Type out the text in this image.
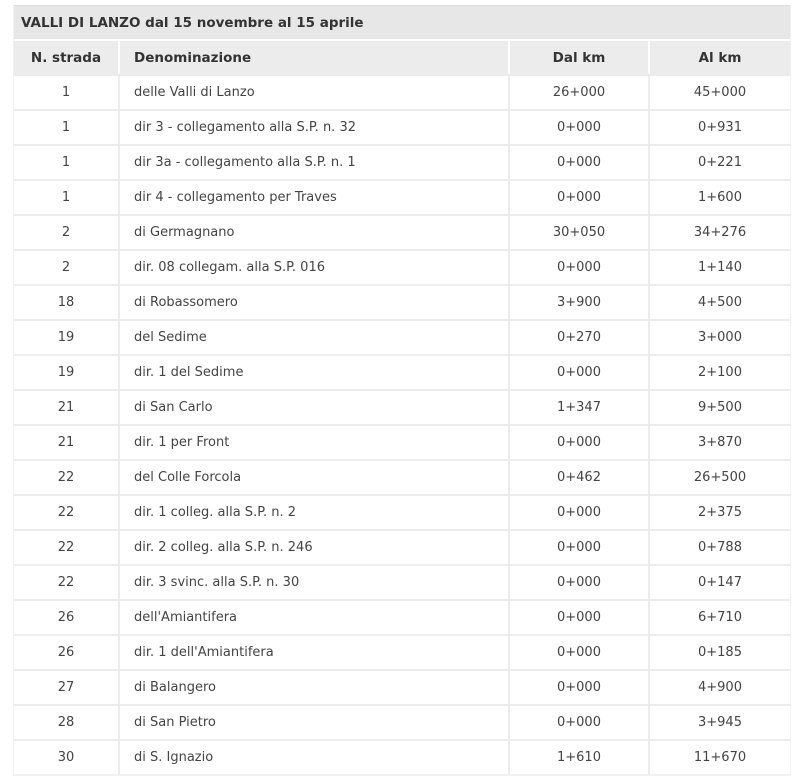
VALLI DI LANZO dal 15 novembre al 15 aprile
N. strada	Denominazione	Dal km	Al km
1	delle Valli di Lanzo	26+000	45+000
1	dir 3 - collegamento alla S.P. n. 32	0+000	0+931
1	dir 3a - collegamento alla S.P. n. 1	0+000	0+221
1	dir 4 - collegamento per Traves	0+000	1+600
2	di Germagnano	30+050	34+276
2	dir. 08 collegam. alla S.P. 016	0+000	1+140
18	di Robassomero	3+900	4+500
19	del Sedime	0+270	3+000
19	dir. 1 del Sedime	0+000	2+100
21	di San Carlo	1+347	9+500
21	dir. 1 per Front	0+000	3+870
22	del Colle Forcola	0+462	26+500
22	dir. 1 colleg. alla S.P. n. 2	0+000	2+375
22	dir. 2 colleg. alla S.P. n. 246	0+000	0+788
22	dir. 3 svinc. alla S.P. n. 30	0+000	0+147
26	dell'Amiantifera	0+000	6+710
26	dir. 1 dell'Amiantifera	0+000	0+185
27	di Balangero	0+000	4+900
28	di San Pietro	0+000	3+945
30	di S. Ignazio	1+610	11+670
